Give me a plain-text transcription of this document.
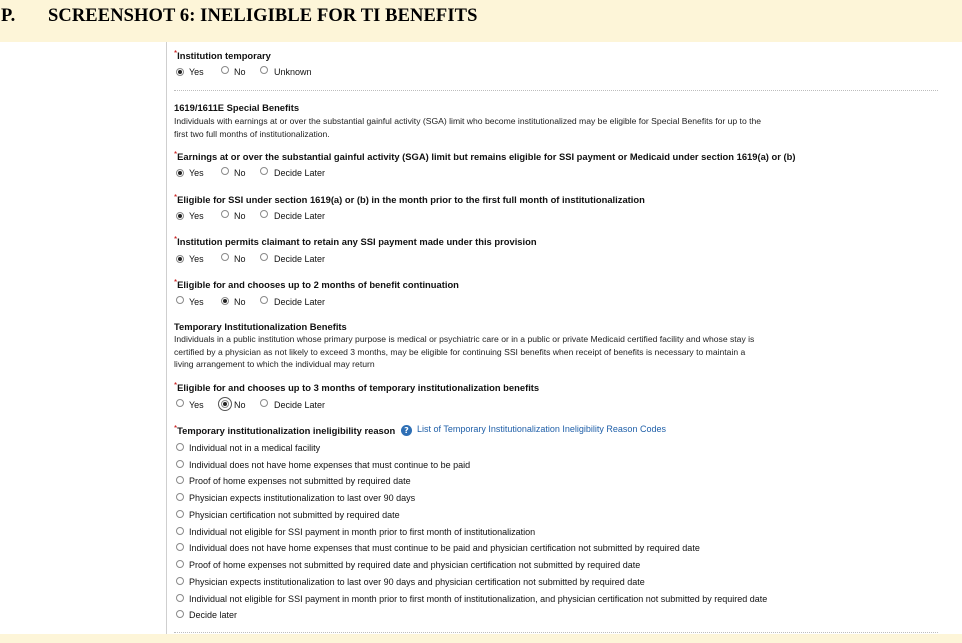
P. SCREENSHOT 6: INELIGIBLE FOR TI BENEFITS
*Institution temporary
Yes	No	Unknown
1619/1611E Special Benefits
Individuals with earnings at or over the substantial gainful activity (SGA) limit who become institutionalized may be eligible for Special Benefits for up to the
first two full months of institutionalization.
*Earnings at or over the substantial gainful activity (SGA) limit but remains eligible for SSI payment or Medicaid under section 1619(a) or (b)
Yes	No	Decide Later
*Eligible for SSI under section 1619(a) or (b) in the month prior to the first full month of institutionalization
Yes	No	Decide Later
*Institution permits claimant to retain any SSI payment made under this provision
Yes	No	Decide Later
*Eligible for and chooses up to 2 months of benefit continuation
Yes	No	Decide Later
Temporary Institutionalization Benefits
Individuals in a public institution whose primary purpose is medical or psychiatric care or in a public or private Medicaid certified facility and whose stay is
certified by a physician as not likely to exceed 3 months, may be eligible for continuing SSI benefits when receipt of benefits is necessary to maintain a
living arrangement to which the individual may return
*Eligible for and chooses up to 3 months of temporary institutionalization benefits
Yes	No	Decide Later
*Temporary institutionalization ineligibility reason	? List of Temporary Institutionalization Ineligibility Reason Codes
Individual not in a medical facility
Individual does not have home expenses that must continue to be paid
Proof of home expenses not submitted by required date
Physician expects institutionalization to last over 90 days
Physician certification not submitted by required date
Individual not eligible for SSI payment in month prior to first month of institutionalization
Individual does not have home expenses that must continue to be paid and physician certification not submitted by required date
Proof of home expenses not submitted by required date and physician certification not submitted by required date
Physician expects institutionalization to last over 90 days and physician certification not submitted by required date
Individual not eligible for SSI payment in month prior to first month of institutionalization, and physician certification not submitted by required date
Decide later
